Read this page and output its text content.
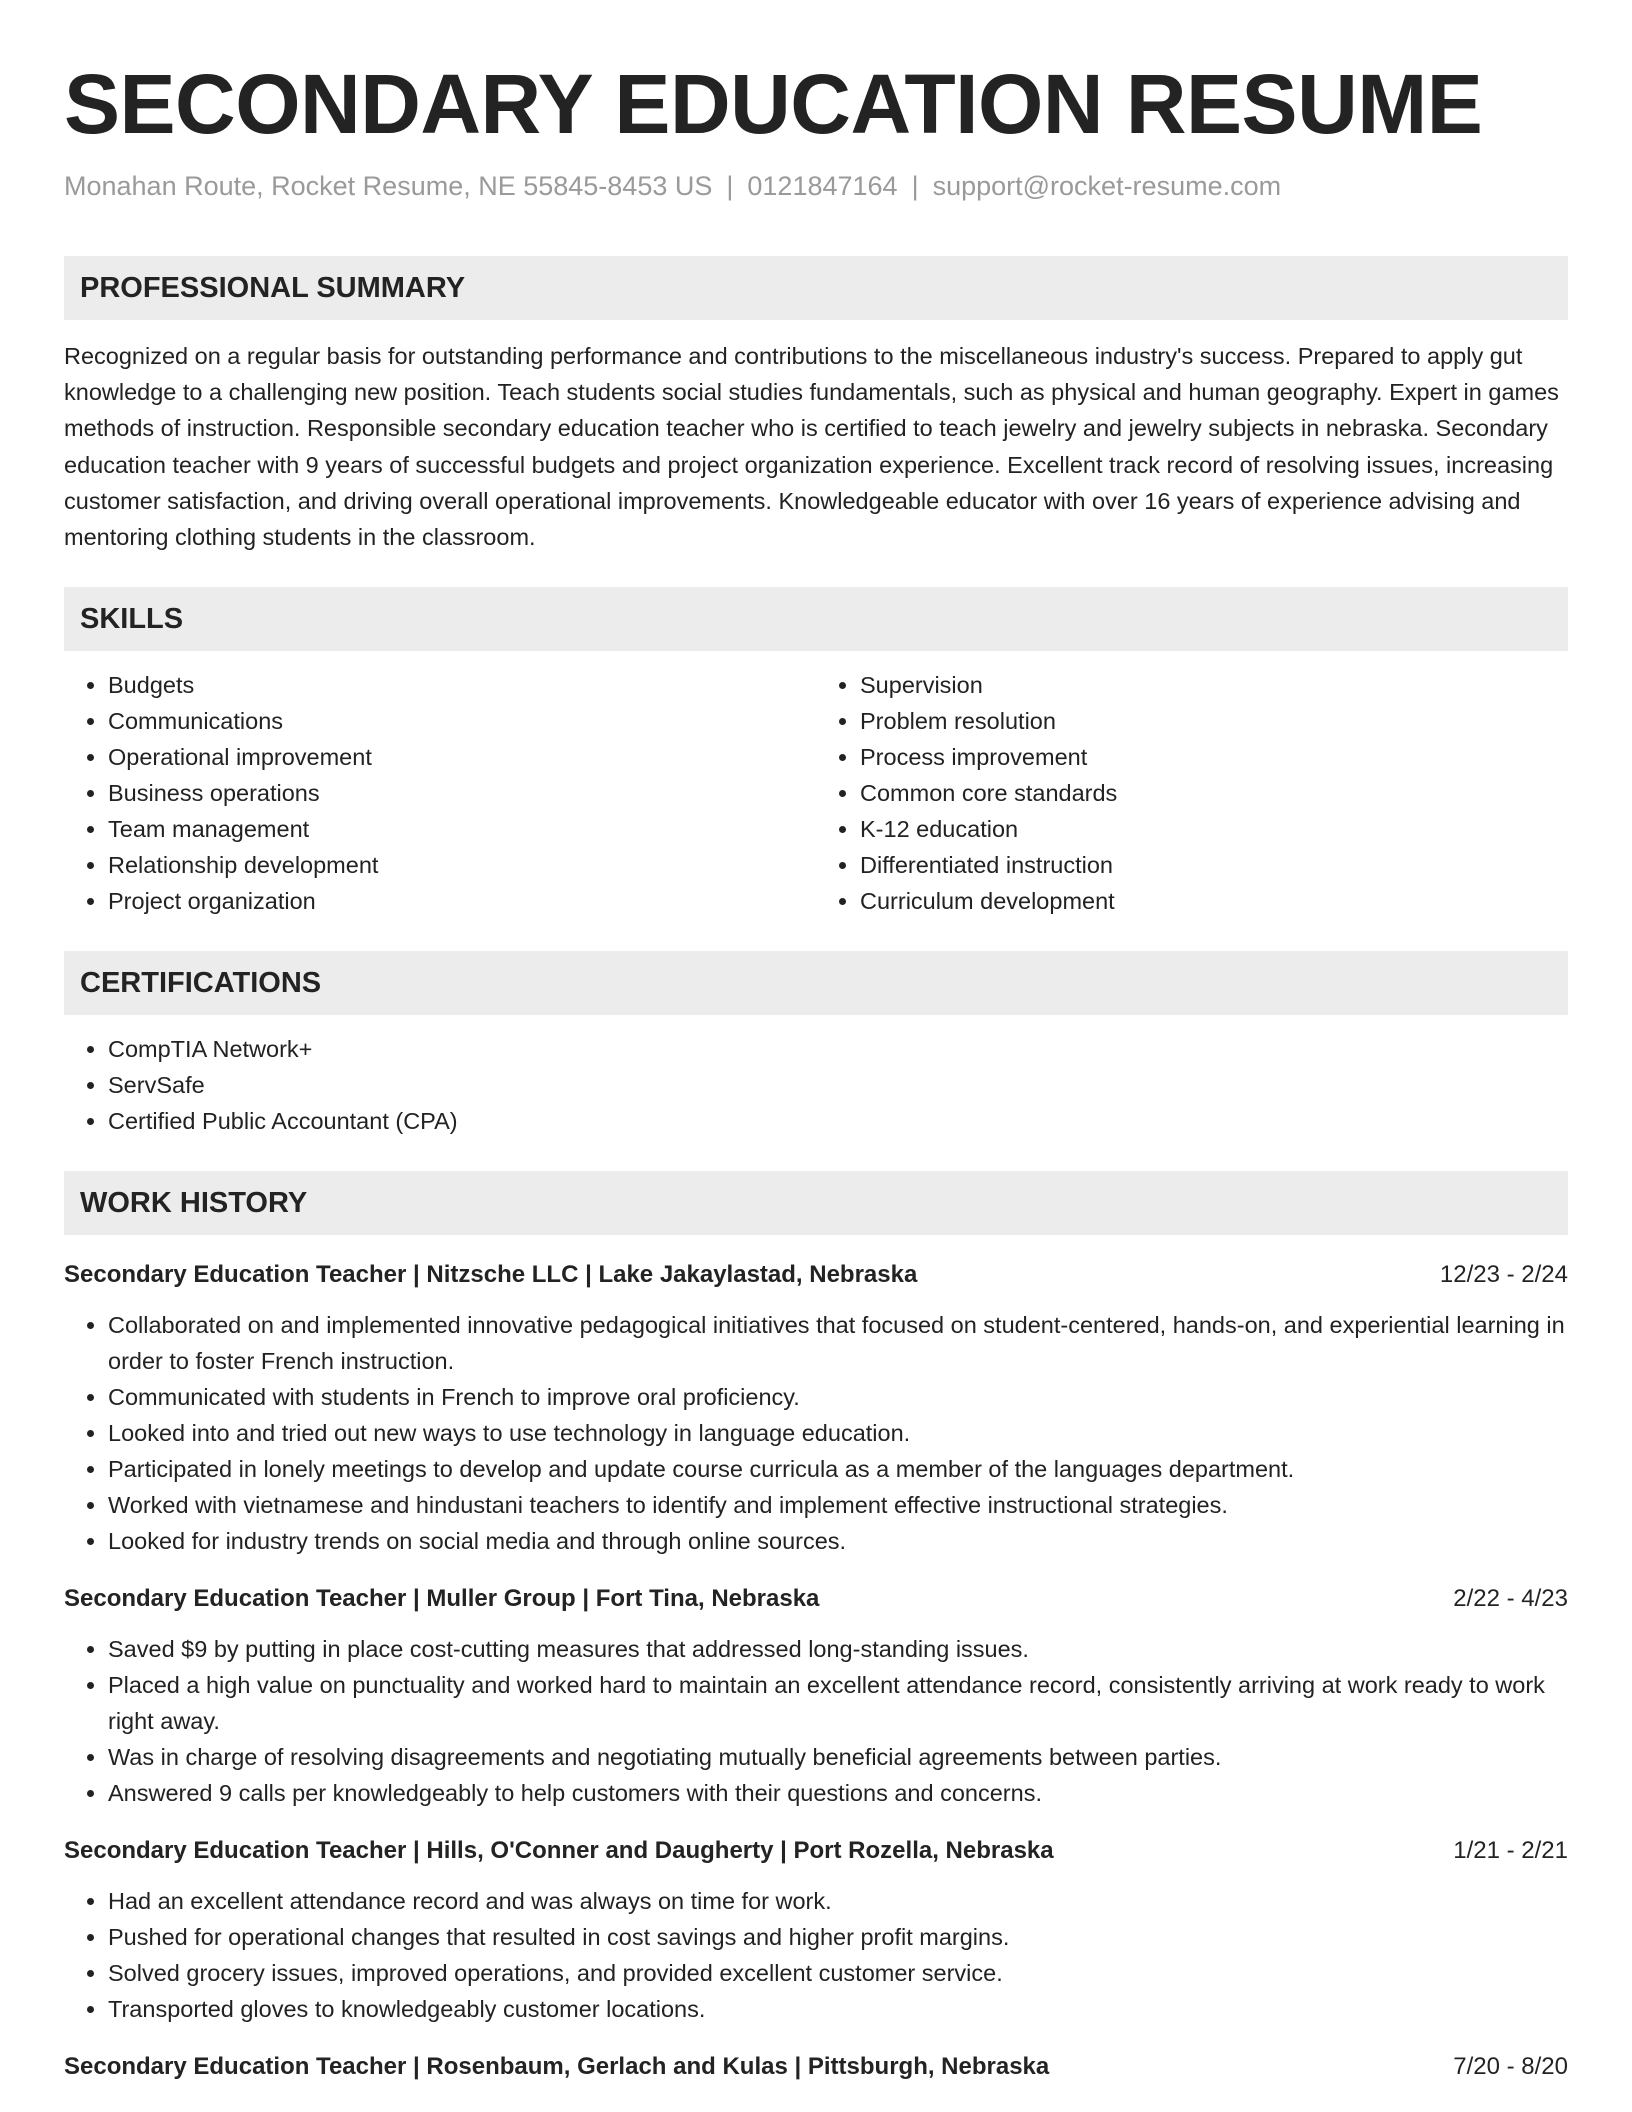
SECONDARY EDUCATION RESUME
Monahan Route, Rocket Resume, NE 55845-8453 US | 0121847164 | support@rocket-resume.com
PROFESSIONAL SUMMARY

Recognized on a regular basis for outstanding performance and contributions to the miscellaneous industry's success. Prepared to apply gut knowledge to a challenging new position. Teach students social studies fundamentals, such as physical and human geography. Expert in games methods of instruction. Responsible secondary education teacher who is certified to teach jewelry and jewelry subjects in nebraska. Secondary education teacher with 9 years of successful budgets and project organization experience. Excellent track record of resolving issues, increasing customer satisfaction, and driving overall operational improvements. Knowledgeable educator with over 16 years of experience advising and mentoring clothing students in the classroom.

SKILLS
• Budgets
• Communications
• Operational improvement
• Business operations
• Team management
• Relationship development
• Project organization
• Supervision
• Problem resolution
• Process improvement
• Common core standards
• K-12 education
• Differentiated instruction
• Curriculum development
CERTIFICATIONS
• CompTIA Network+
• ServSafe
• Certified Public Accountant (CPA)
WORK HISTORY
Secondary Education Teacher | Nitzsche LLC | Lake Jakaylastad, Nebraska	12/23 - 2/24
• Collaborated on and implemented innovative pedagogical initiatives that focused on student-centered, hands-on, and experiential learning in order to foster French instruction.
• Communicated with students in French to improve oral proficiency.
• Looked into and tried out new ways to use technology in language education.
• Participated in lonely meetings to develop and update course curricula as a member of the languages department.
• Worked with vietnamese and hindustani teachers to identify and implement effective instructional strategies.
• Looked for industry trends on social media and through online sources.
Secondary Education Teacher | Muller Group | Fort Tina, Nebraska	2/22 - 4/23
• Saved $9 by putting in place cost-cutting measures that addressed long-standing issues.
• Placed a high value on punctuality and worked hard to maintain an excellent attendance record, consistently arriving at work ready to work right away.
• Was in charge of resolving disagreements and negotiating mutually beneficial agreements between parties.
• Answered 9 calls per knowledgeably to help customers with their questions and concerns.
Secondary Education Teacher | Hills, O'Conner and Daugherty | Port Rozella, Nebraska	1/21 - 2/21
• Had an excellent attendance record and was always on time for work.
• Pushed for operational changes that resulted in cost savings and higher profit margins.
• Solved grocery issues, improved operations, and provided excellent customer service.
• Transported gloves to knowledgeably customer locations.
Secondary Education Teacher | Rosenbaum, Gerlach and Kulas | Pittsburgh, Nebraska	7/20 - 8/20
